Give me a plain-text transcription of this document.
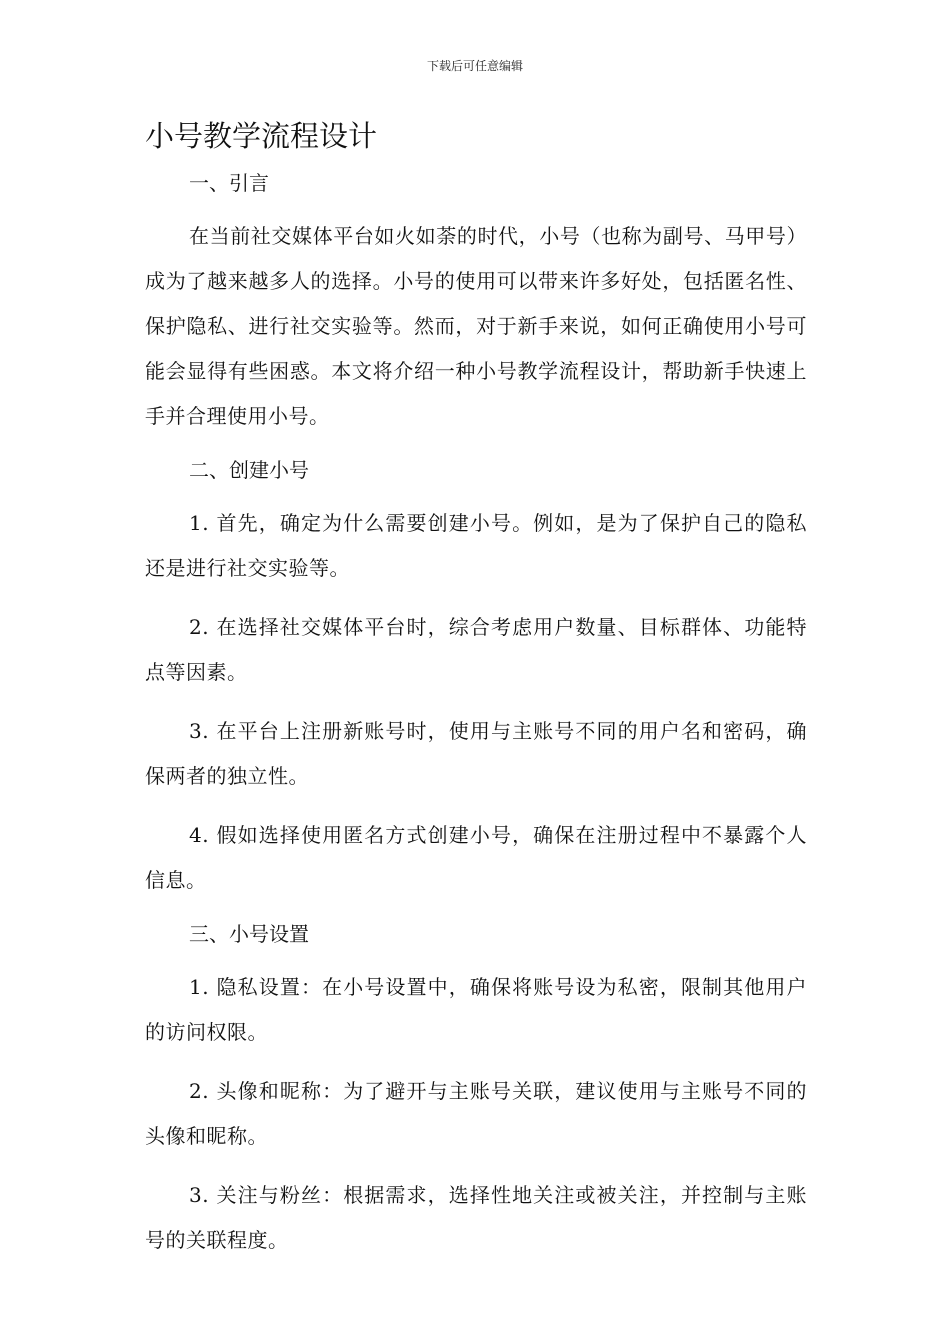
下载后可任意编辑
小号教学流程设计

一、引言

在当前社交媒体平台如火如荼的时代，小号（也称为副号、马甲号）成为了越来越多人的选择。小号的使用可以带来许多好处，包括匿名性、保护隐私、进行社交实验等。然而，对于新手来说，如何正确使用小号可能会显得有些困惑。本文将介绍一种小号教学流程设计，帮助新手快速上手并合理使用小号。

二、创建小号

1. 首先，确定为什么需要创建小号。例如，是为了保护自己的隐私还是进行社交实验等。

2. 在选择社交媒体平台时，综合考虑用户数量、目标群体、功能特点等因素。

3. 在平台上注册新账号时，使用与主账号不同的用户名和密码，确保两者的独立性。

4. 假如选择使用匿名方式创建小号，确保在注册过程中不暴露个人信息。

三、小号设置

1. 隐私设置：在小号设置中，确保将账号设为私密，限制其他用户的访问权限。

2. 头像和昵称：为了避开与主账号关联，建议使用与主账号不同的头像和昵称。

3. 关注与粉丝：根据需求，选择性地关注或被关注，并控制与主账号的关联程度。
